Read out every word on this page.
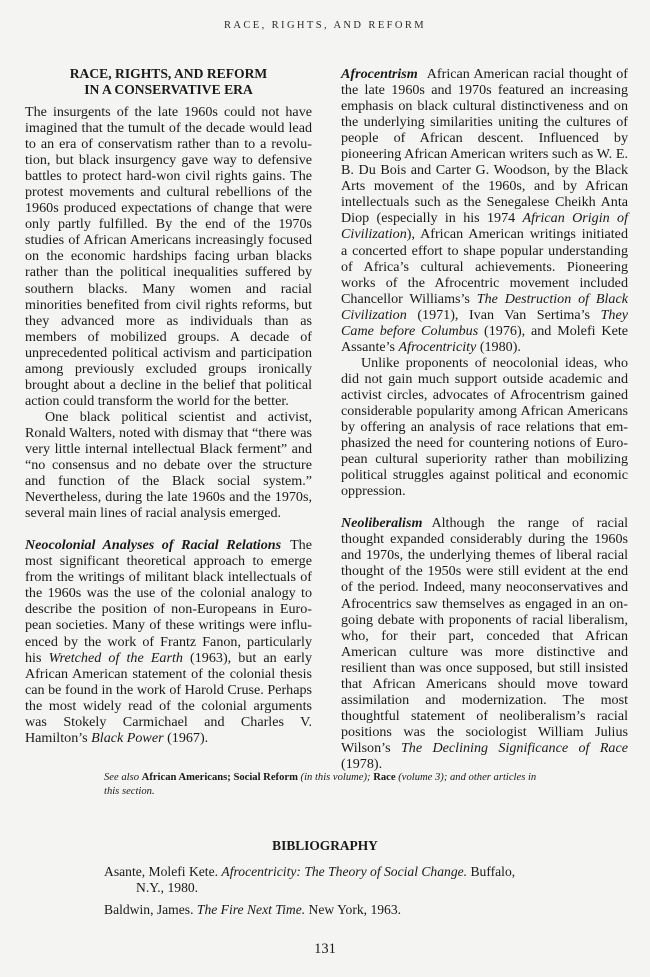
RACE, RIGHTS, AND REFORM
RACE, RIGHTS, AND REFORM
IN A CONSERVATIVE ERA

The insurgents of the late 1960s could not have imagined that the tumult of the decade would lead to an era of conservatism rather than to a revolution, but black insurgency gave way to defensive battles to protect hard-won civil rights gains. The protest movements and cultural rebellions of the 1960s produced expectations of change that were only partly fulfilled. By the end of the 1970s studies of African Americans increasingly focused on the economic hardships facing urban blacks rather than the political inequalities suffered by southern blacks. Many women and racial minorities benefited from civil rights reforms, but they advanced more as individuals than as members of mobilized groups. A decade of unprecedented political activism and participation among previously excluded groups ironically brought about a decline in the belief that political action could transform the world for the better.

One black political scientist and activist, Ronald Walters, noted with dismay that “there was very little internal intellectual Black ferment” and “no consensus and no debate over the structure and function of the Black social system.” Nevertheless, during the late 1960s and the 1970s, several main lines of racial analysis emerged.

Neocolonial Analyses of Racial Relations The most significant theoretical approach to emerge from the writings of militant black intellectuals of the 1960s was the use of the colonial analogy to describe the position of non-Europeans in European societies. Many of these writings were influenced by the work of Frantz Fanon, particularly his Wretched of the Earth (1963), but an early African American statement of the colonial thesis can be found in the work of Harold Cruse. Perhaps the most widely read of the colonial arguments was Stokely Carmichael and Charles V. Hamilton’s Black Power (1967).

Afrocentrism African American racial thought of the late 1960s and 1970s featured an increasing emphasis on black cultural distinctiveness and on the underlying similarities uniting the cultures of people of African descent. Influenced by pioneering African American writers such as W. E. B. Du Bois and Carter G. Woodson, by the Black Arts movement of the 1960s, and by African intellectuals such as the Senegalese Cheikh Anta Diop (especially in his 1974 African Origin of Civilization), African American writings initiated a concerted effort to shape popular understanding of Africa’s cultural achievements. Pioneering works of the Afrocentric movement included Chancellor Williams’s The Destruction of Black Civilization (1971), Ivan Van Sertima’s They Came before Columbus (1976), and Molefi Kete Assante’s Afrocentricity (1980).

Unlike proponents of neocolonial ideas, who did not gain much support outside academic and activist circles, advocates of Afrocentrism gained considerable popularity among African Americans by offering an analysis of race relations that emphasized the need for countering notions of European cultural superiority rather than mobilizing political struggles against political and economic oppression.

Neoliberalism Although the range of racial thought expanded considerably during the 1960s and 1970s, the underlying themes of liberal racial thought of the 1950s were still evident at the end of the period. Indeed, many neoconservatives and Afrocentrics saw themselves as engaged in an ongoing debate with proponents of racial liberalism, who, for their part, conceded that African American culture was more distinctive and resilient than was once supposed, but still insisted that African Americans should move toward assimilation and modernization. The most thoughtful statement of neoliberalism’s racial positions was the sociologist William Julius Wilson’s The Declining Significance of Race (1978).

See also African Americans; Social Reform (in this volume); Race (volume 3); and other articles in this section.
BIBLIOGRAPHY
Asante, Molefi Kete. Afrocentricity: The Theory of Social Change. Buffalo, N.Y., 1980.
Baldwin, James. The Fire Next Time. New York, 1963.
131
